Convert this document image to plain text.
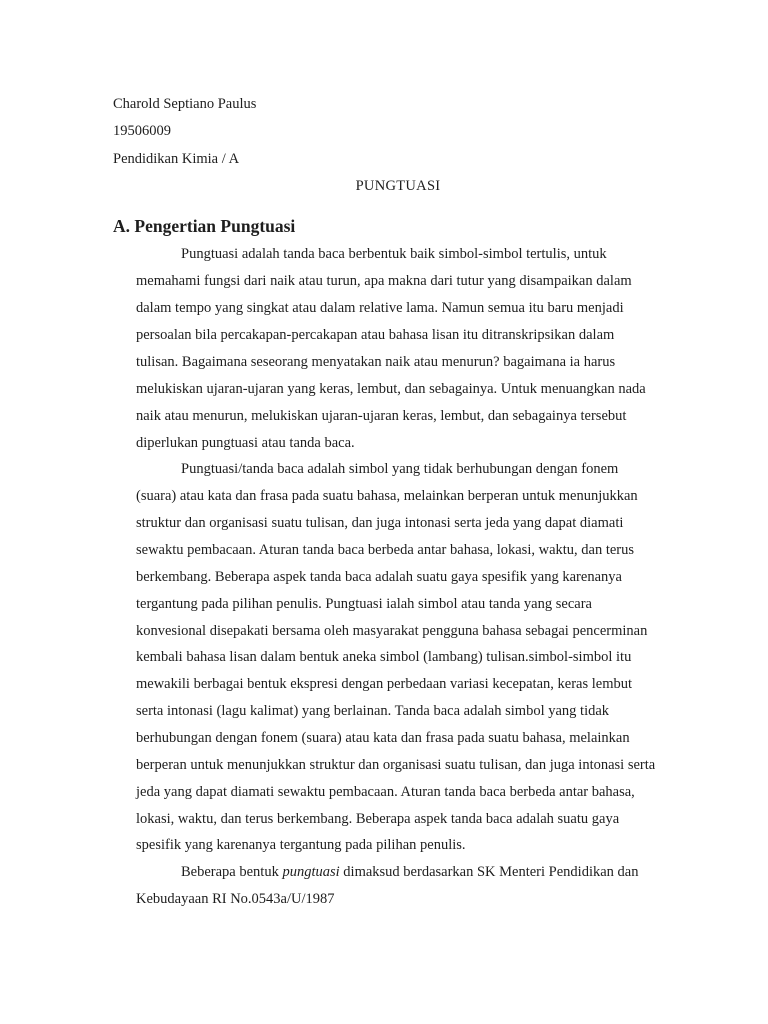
Charold Septiano Paulus
19506009
Pendidikan Kimia / A
PUNGTUASI
A. Pengertian Pungtuasi
Pungtuasi adalah tanda baca berbentuk baik simbol-simbol tertulis, untuk
memahami fungsi dari naik atau turun, apa makna dari tutur yang disampaikan dalam
dalam tempo yang singkat atau dalam relative lama. Namun semua itu baru menjadi
persoalan bila percakapan-percakapan atau bahasa lisan itu ditranskripsikan dalam
tulisan. Bagaimana seseorang menyatakan naik atau menurun? bagaimana ia harus
melukiskan ujaran-ujaran yang keras, lembut, dan sebagainya. Untuk menuangkan nada
naik atau menurun, melukiskan ujaran-ujaran keras, lembut, dan sebagainya tersebut
diperlukan pungtuasi atau tanda baca.
Pungtuasi/tanda baca adalah simbol yang tidak berhubungan dengan fonem
(suara) atau kata dan frasa pada suatu bahasa, melainkan berperan untuk menunjukkan
struktur dan organisasi suatu tulisan, dan juga intonasi serta jeda yang dapat diamati
sewaktu pembacaan. Aturan tanda baca berbeda antar bahasa, lokasi, waktu, dan terus
berkembang. Beberapa aspek tanda baca adalah suatu gaya spesifik yang karenanya
tergantung pada pilihan penulis. Pungtuasi ialah simbol atau tanda yang secara
konvesional disepakati bersama oleh masyarakat pengguna bahasa sebagai pencerminan
kembali bahasa lisan dalam bentuk aneka simbol (lambang) tulisan.simbol-simbol itu
mewakili berbagai bentuk ekspresi dengan perbedaan variasi kecepatan, keras lembut
serta intonasi (lagu kalimat) yang berlainan. Tanda baca adalah simbol yang tidak
berhubungan dengan fonem (suara) atau kata dan frasa pada suatu bahasa, melainkan
berperan untuk menunjukkan struktur dan organisasi suatu tulisan, dan juga intonasi serta
jeda yang dapat diamati sewaktu pembacaan. Aturan tanda baca berbeda antar bahasa,
lokasi, waktu, dan terus berkembang. Beberapa aspek tanda baca adalah suatu gaya
spesifik yang karenanya tergantung pada pilihan penulis.
Beberapa bentuk pungtuasi dimaksud berdasarkan SK Menteri Pendidikan dan
Kebudayaan RI No.0543a/U/1987
